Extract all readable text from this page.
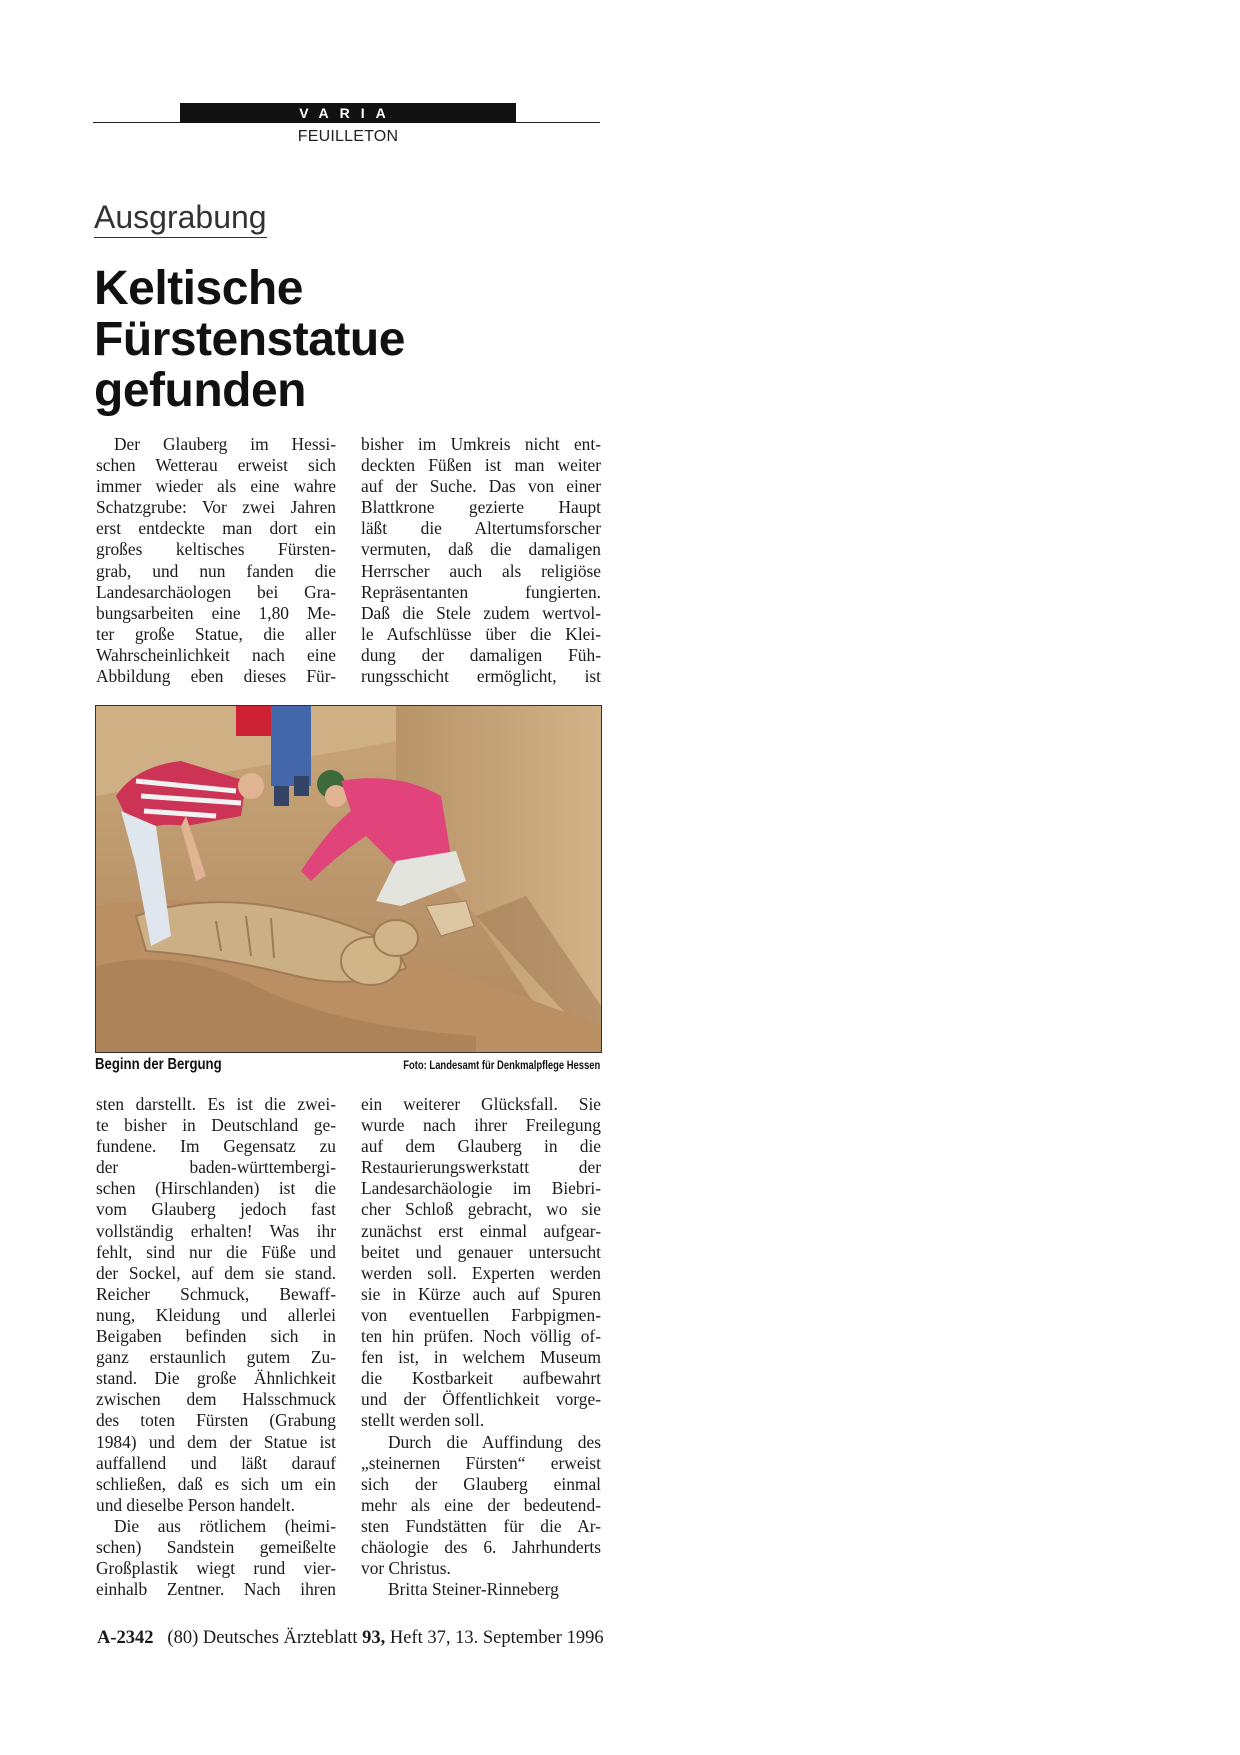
VARIA
FEUILLETON
Ausgrabung
Keltische
Fürstenstatue
gefunden
Der Glauberg im Hessi-
schen Wetterau erweist sich
immer wieder als eine wahre
Schatzgrube: Vor zwei Jahren
erst entdeckte man dort ein
großes keltisches Fürsten-
grab, und nun fanden die
Landesarchäologen bei Gra-
bungsarbeiten eine 1,80 Me-
ter große Statue, die aller
Wahrscheinlichkeit nach eine
Abbildung eben dieses Für-
bisher im Umkreis nicht ent-
deckten Füßen ist man weiter
auf der Suche. Das von einer
Blattkrone gezierte Haupt
läßt die Altertumsforscher
vermuten, daß die damaligen
Herrscher auch als religiöse
Repräsentanten fungierten.
Daß die Stele zudem wertvol-
le Aufschlüsse über die Klei-
dung der damaligen Füh-
rungsschicht ermöglicht, ist
Beginn der Bergung	Foto: Landesamt für Denkmalpflege Hessen
sten darstellt. Es ist die zwei-
te bisher in Deutschland ge-
fundene. Im Gegensatz zu
der baden-württembergi-
schen (Hirschlanden) ist die
vom Glauberg jedoch fast
vollständig erhalten! Was ihr
fehlt, sind nur die Füße und
der Sockel, auf dem sie stand.
Reicher Schmuck, Bewaff-
nung, Kleidung und allerlei
Beigaben befinden sich in
ganz erstaunlich gutem Zu-
stand. Die große Ähnlichkeit
zwischen dem Halsschmuck
des toten Fürsten (Grabung
1984) und dem der Statue ist
auffallend und läßt darauf
schließen, daß es sich um ein
und dieselbe Person handelt.
Die aus rötlichem (heimi-
schen) Sandstein gemeißelte
Großplastik wiegt rund vier-
einhalb Zentner. Nach ihren
ein weiterer Glücksfall. Sie
wurde nach ihrer Freilegung
auf dem Glauberg in die
Restaurierungswerkstatt der
Landesarchäologie im Biebri-
cher Schloß gebracht, wo sie
zunächst erst einmal aufgear-
beitet und genauer untersucht
werden soll. Experten werden
sie in Kürze auch auf Spuren
von eventuellen Farbpigmen-
ten hin prüfen. Noch völlig of-
fen ist, in welchem Museum
die Kostbarkeit aufbewahrt
und der Öffentlichkeit vorge-
stellt werden soll.
Durch die Auffindung des
„steinernen Fürsten“ erweist
sich der Glauberg einmal
mehr als eine der bedeutend-
sten Fundstätten für die Ar-
chäologie des 6. Jahrhunderts
vor Christus.
Britta Steiner-Rinneberg
A-2342 (80) Deutsches Ärzteblatt 93, Heft 37, 13. September 1996
